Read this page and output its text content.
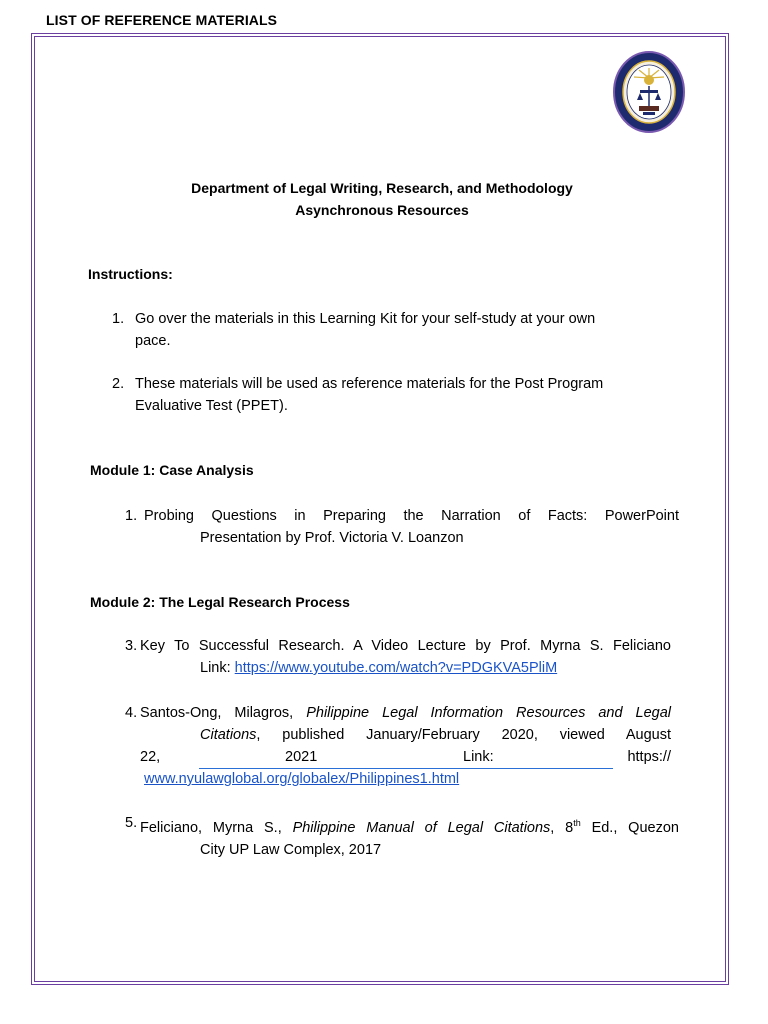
LIST OF REFERENCE MATERIALS
Department of Legal Writing, Research, and Methodology
Asynchronous Resources
Instructions:
1. Go over the materials in this Learning Kit for your self-study at your own
pace.
2. These materials will be used as reference materials for the Post Program
Evaluative Test (PPET).
Module 1: Case Analysis
1. Probing Questions in Preparing the Narration of Facts: PowerPoint
Presentation by Prof. Victoria V. Loanzon
Module 2: The Legal Research Process
3. Key To Successful Research. A Video Lecture by Prof. Myrna S. Feliciano
Link: https://www.youtube.com/watch?v=PDGKVA5PliM
4. Santos-Ong, Milagros, Philippine Legal Information Resources and Legal
Citations, published January/February 2020, viewed August
22,	2021	Link:	https://
www.nyulawglobal.org/globalex/Philippines1.html
5. Feliciano, Myrna S., Philippine Manual of Legal Citations, 8th Ed., Quezon
City UP Law Complex, 2017
